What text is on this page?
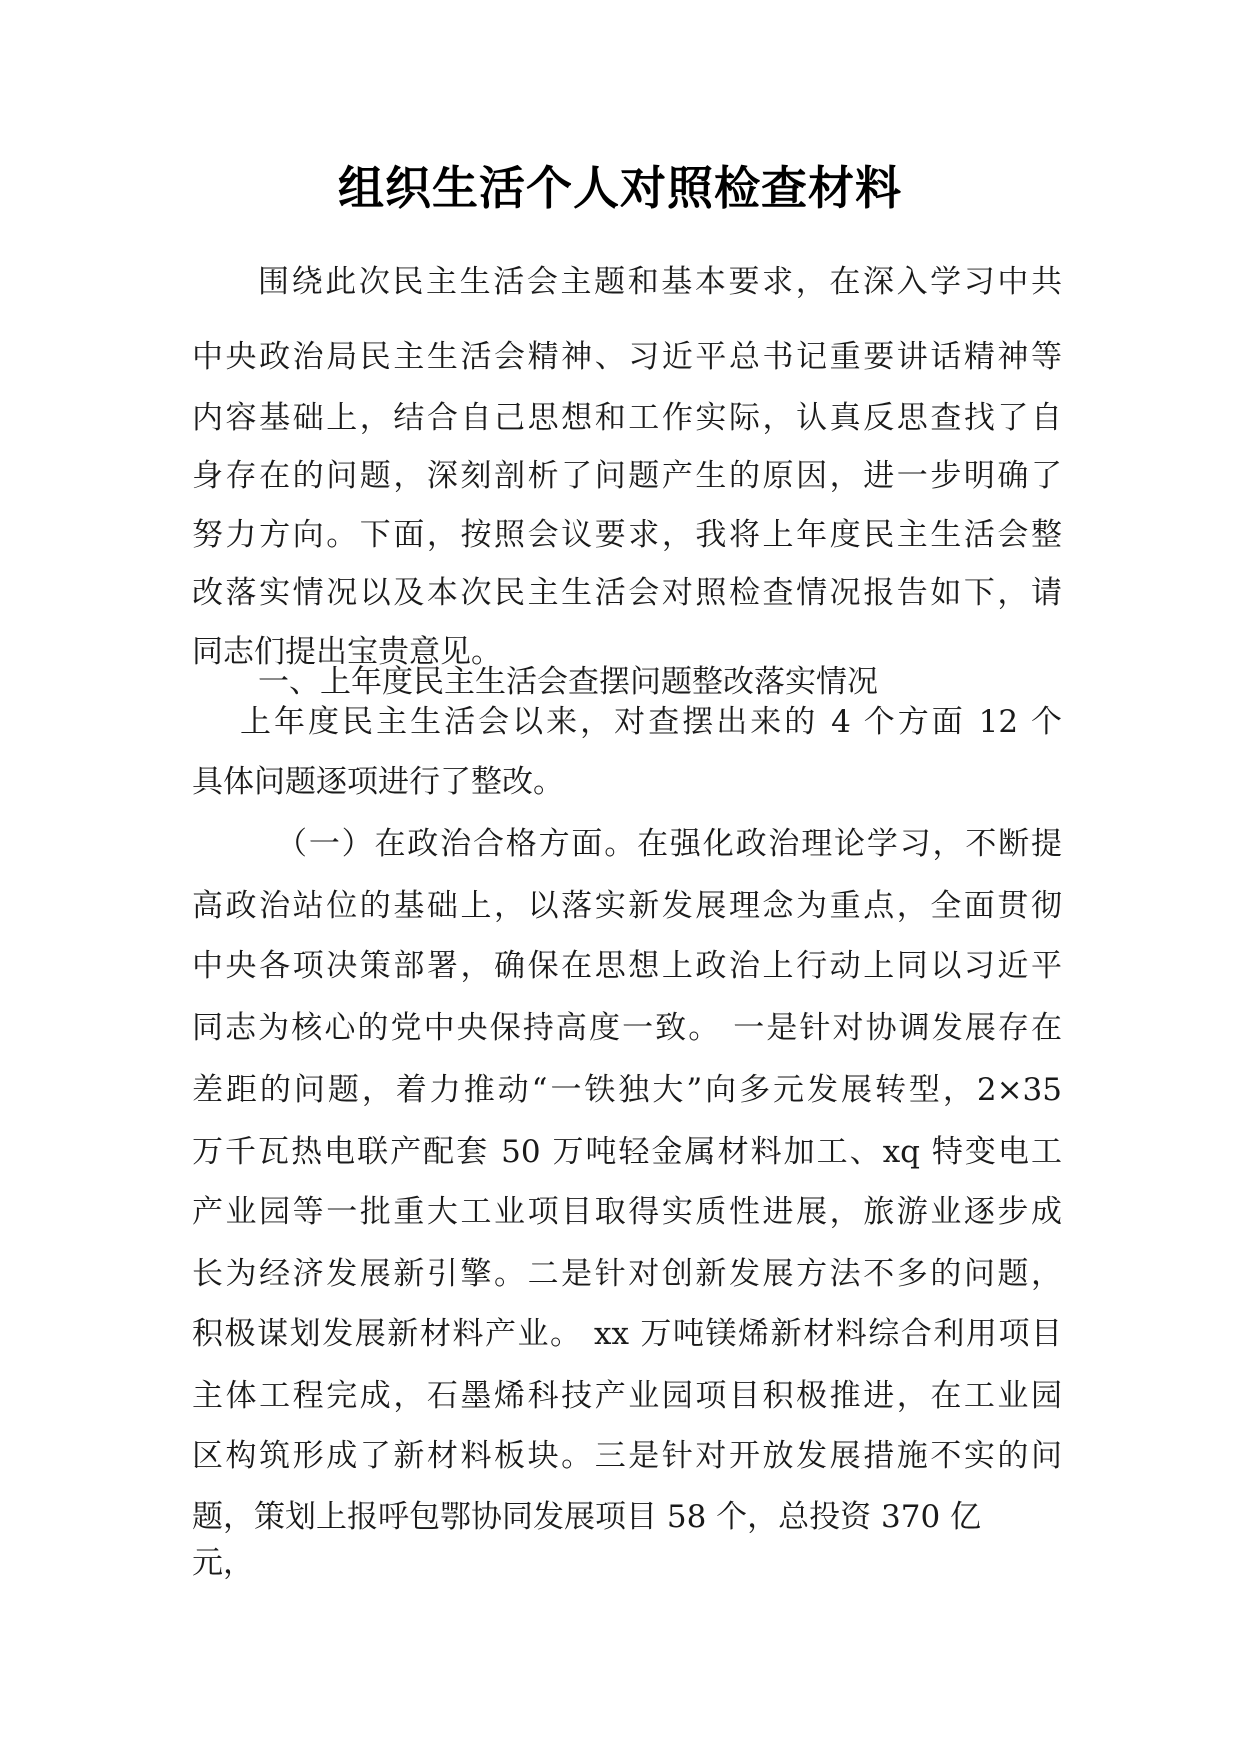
组织生活个人对照检查材料
围绕此次民主生活会主题和基本要求，在深入学习中共
中央政治局民主生活会精神、习近平总书记重要讲话精神等
内容基础上，结合自己思想和工作实际，认真反思查找了自
身存在的问题，深刻剖析了问题产生的原因，进一步明确了
努力方向。下面，按照会议要求，我将上年度民主生活会整
改落实情况以及本次民主生活会对照检查情况报告如下，请
同志们提出宝贵意见。
一、上年度民主生活会查摆问题整改落实情况
上年度民主生活会以来，对查摆出来的 4 个方面 12 个
具体问题逐项进行了整改。
（一）在政治合格方面。在强化政治理论学习，不断提
高政治站位的基础上，以落实新发展理念为重点，全面贯彻
中央各项决策部署，确保在思想上政治上行动上同以习近平
同志为核心的党中央保持高度一致。 一是针对协调发展存在
差距的问题，着力推动“一铁独大”向多元发展转型，2×35
万千瓦热电联产配套 50 万吨轻金属材料加工、xq 特变电工
产业园等一批重大工业项目取得实质性进展，旅游业逐步成
长为经济发展新引擎。二是针对创新发展方法不多的问题，
积极谋划发展新材料产业。 xx 万吨镁烯新材料综合利用项目
主体工程完成，石墨烯科技产业园项目积极推进，在工业园
区构筑形成了新材料板块。三是针对开放发展措施不实的问
题，策划上报呼包鄂协同发展项目 58 个，总投资 370 亿
元，
